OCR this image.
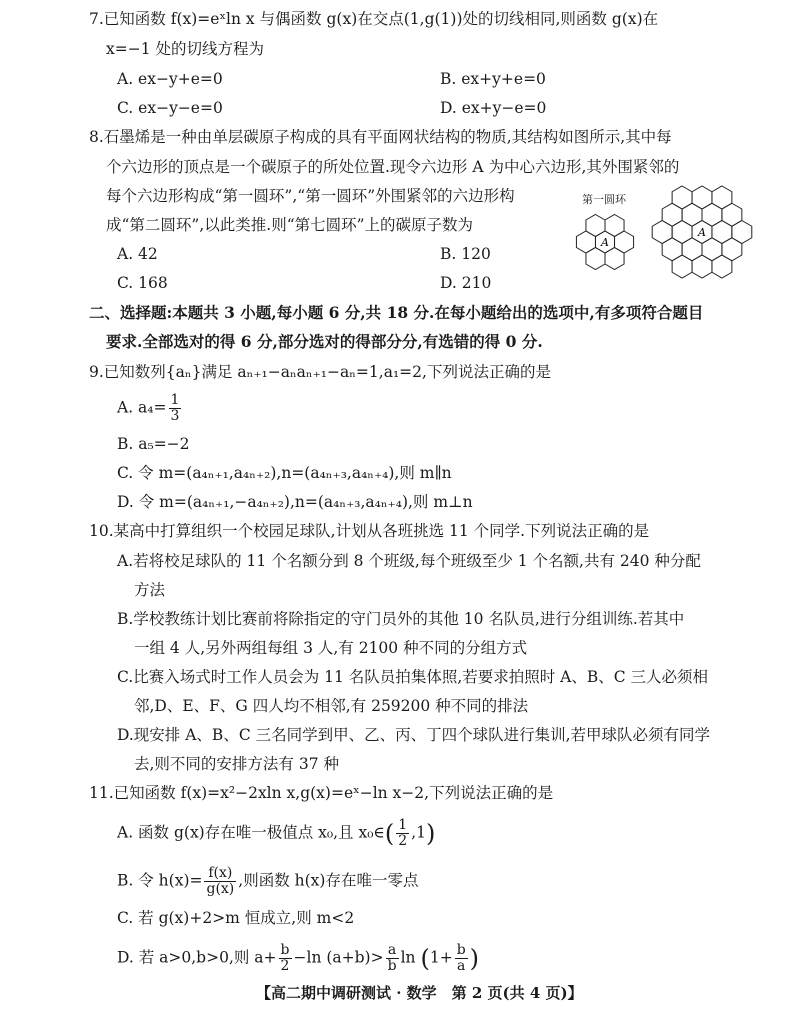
7.已知函数 f(x)=eˣln x 与偶函数 g(x)在交点(1,g(1))处的切线相同,则函数 g(x)在
x=−1 处的切线方程为
A. ex−y+e=0	B. ex+y+e=0
C. ex−y−e=0	D. ex+y−e=0
8.石墨烯是一种由单层碳原子构成的具有平面网状结构的物质,其结构如图所示,其中每
个六边形的顶点是一个碳原子的所处位置.现令六边形 A 为中心六边形,其外围紧邻的
每个六边形构成“第一圆环”,“第一圆环”外围紧邻的六边形构
成“第二圆环”,以此类推.则“第七圆环”上的碳原子数为
A. 42	B. 120
C. 168	D. 210
第一圆环
A
A
二、选择题:本题共 3 小题,每小题 6 分,共 18 分.在每小题给出的选项中,有多项符合题目
要求.全部选对的得 6 分,部分选对的得部分分,有选错的得 0 分.
9.已知数列{aₙ}满足 aₙ₊₁−aₙaₙ₊₁−aₙ=1,a₁=2,下列说法正确的是
A. $a_4= \frac{1}{3}$
B. a₅=−2
C. 令 m=(a₄ₙ₊₁,a₄ₙ₊₂),n=(a₄ₙ₊₃,a₄ₙ₊₄),则 m∥n
D. 令 m=(a₄ₙ₊₁,−a₄ₙ₊₂),n=(a₄ₙ₊₃,a₄ₙ₊₄),则 m⊥n
10.某高中打算组织一个校园足球队,计划从各班挑选 11 个同学.下列说法正确的是
A.若将校足球队的 11 个名额分到 8 个班级,每个班级至少 1 个名额,共有 240 种分配
方法
B.学校教练计划比赛前将除指定的守门员外的其他 10 名队员,进行分组训练.若其中
一组 4 人,另外两组每组 3 人,有 2100 种不同的分组方式
C.比赛入场式时工作人员会为 11 名队员拍集体照,若要求拍照时 A、B、C 三人必须相
邻,D、E、F、G 四人均不相邻,有 259200 种不同的排法
D.现安排 A、B、C 三名同学到甲、乙、丙、丁四个球队进行集训,若甲球队必须有同学
去,则不同的安排方法有 37 种
11.已知函数 f(x)=x²−2xln x,g(x)=eˣ−ln x−2,下列说法正确的是
A. 函数 g(x)存在唯一极值点 x₀,且 x₀∈( $\frac{1}{2} ,1$)
B. 令 $h(x)= \frac{f(x)}{g(x)}$ ,则函数 h(x)存在唯一零点
C. 若 g(x)+2>m 恒成立,则 m<2
D. 若 a>0,b>0,则 $a+ \frac{b}{2} -\ln$ $(a+b)> \frac{a}{b}$ $\ln (1+ \frac{b}{a}$ )
【高二期中调研测试 · 数学　第 2 页(共 4 页)】
